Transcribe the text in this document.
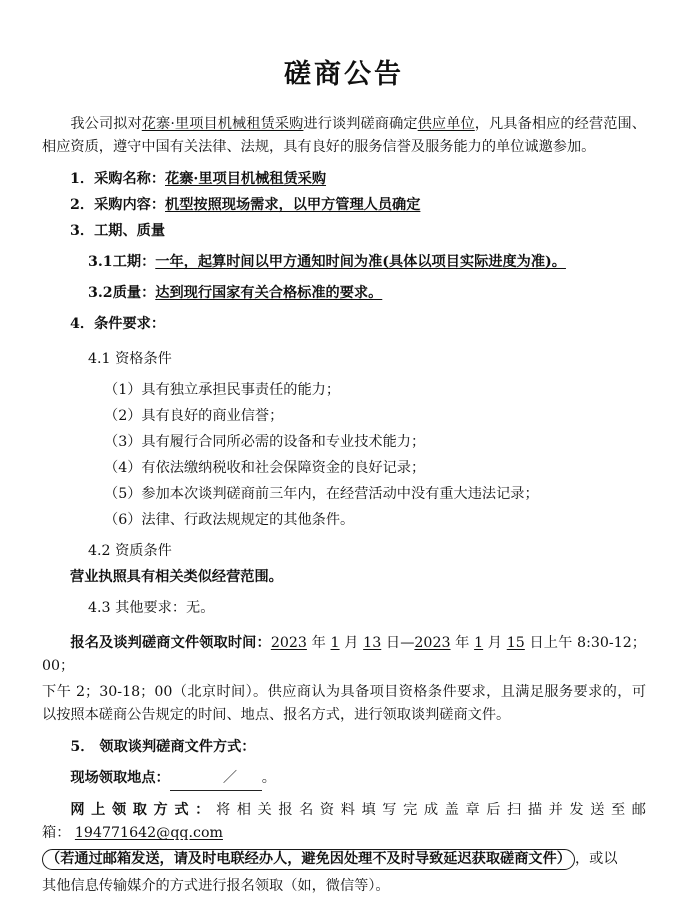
磋商公告

我公司拟对花寨·里项目机械租赁采购进行谈判磋商确定供应单位，凡具备相应的经营范围、相应资质，遵守中国有关法律、法规，具有良好的服务信誉及服务能力的单位诚邀参加。

1．采购名称：花寨·里项目机械租赁采购

2．采购内容：机型按照现场需求，以甲方管理人员确定

3．工期、质量

3.1工期：一年，起算时间以甲方通知时间为准(具体以项目实际进度为准)。

3.2质量：达到现行国家有关合格标准的要求。

4．条件要求：

4.1 资格条件

（1）具有独立承担民事责任的能力；

（2）具有良好的商业信誉；

（3）具有履行合同所必需的设备和专业技术能力；

（4）有依法缴纳税收和社会保障资金的良好记录；

（5）参加本次谈判磋商前三年内，在经营活动中没有重大违法记录；

（6）法律、行政法规规定的其他条件。

4.2 资质条件

营业执照具有相关类似经营范围。

4.3 其他要求：无。

报名及谈判磋商文件领取时间：2023 年 1 月 13 日—2023 年 1 月 15 日上午 8:30-12；00；

下午 2；30-18；00（北京时间）。供应商认为具备项目资格条件要求，且满足服务要求的，可以按照本磋商公告规定的时间、地点、报名方式，进行领取谈判磋商文件。

5． 领取谈判磋商文件方式：

现场领取地点：	／ 。

网上领取方式：将相关报名资料填写完成盖章后扫描并发送至邮箱： 194771642@qq.com

（若通过邮箱发送，请及时电联经办人，避免因处理不及时导致延迟获取磋商文件） ，或以

其他信息传输媒介的方式进行报名领取（如，微信等）。
